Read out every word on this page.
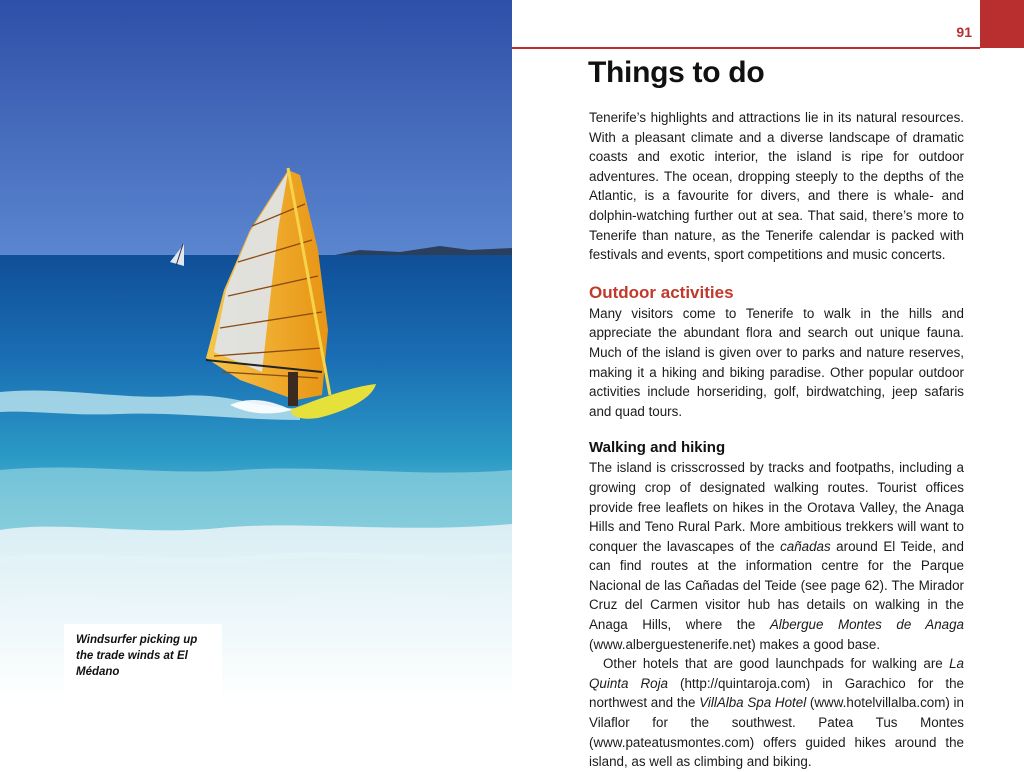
Windsurfer picking up the trade winds at El Médano
91
Things to do

Tenerife’s highlights and attractions lie in its natural resources. With a pleasant climate and a diverse landscape of dramatic coasts and exotic interior, the island is ripe for outdoor adventures. The ocean, dropping steeply to the depths of the Atlantic, is a favourite for divers, and there is whale- and dolphin-watching further out at sea. That said, there’s more to Tenerife than nature, as the Tenerife calendar is packed with festivals and events, sport competitions and music concerts.

Outdoor activities

Many visitors come to Tenerife to walk in the hills and appreciate the abundant flora and search out unique fauna. Much of the island is given over to parks and nature reserves, making it a hiking and biking paradise. Other popular outdoor activities include horseriding, golf, birdwatching, jeep safaris and quad tours.

Walking and hiking

The island is crisscrossed by tracks and footpaths, including a growing crop of designated walking routes. Tourist offices provide free leaflets on hikes in the Orotava Valley, the Anaga Hills and Teno Rural Park. More ambitious trekkers will want to conquer the lavascapes of the cañadas around El Teide, and can find routes at the information centre for the Parque Nacional de las Cañadas del Teide (see page 62). The Mirador Cruz del Carmen visitor hub has details on walking in the Anaga Hills, where the Albergue Montes de Anaga (www.alberguestenerife.net) makes a good base.

Other hotels that are good launchpads for walking are La Quinta Roja (http://quintaroja.com) in Garachico for the northwest and the VillAlba Spa Hotel (www.hotelvillalba.com) in Vilaflor for the southwest. Patea Tus Montes (www.pateatusmontes.com) offers guided hikes around the island, as well as climbing and biking.
